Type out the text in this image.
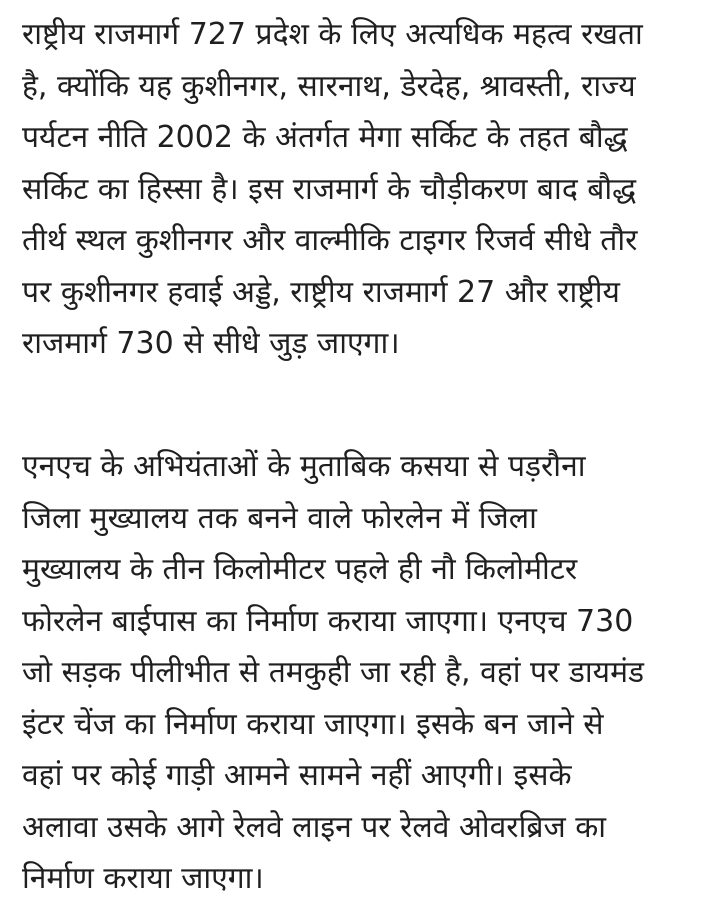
राष्ट्रीय राजमार्ग 727 प्रदेश के लिए अत्यधिक महत्व रखता
है, क्योंकि यह कुशीनगर, सारनाथ, डेरदेह, श्रावस्ती, राज्य
पर्यटन नीति 2002 के अंतर्गत मेगा सर्किट के तहत बौद्ध
सर्किट का हिस्सा है। इस राजमार्ग के चौड़ीकरण बाद बौद्ध
तीर्थ स्थल कुशीनगर और वाल्मीकि टाइगर रिजर्व सीधे तौर
पर कुशीनगर हवाई अड्डे, राष्ट्रीय राजमार्ग 27 और राष्ट्रीय
राजमार्ग 730 से सीधे जुड़ जाएगा।

एनएच के अभियंताओं के मुताबिक कसया से पड़रौना
जिला मुख्यालय तक बनने वाले फोरलेन में जिला
मुख्यालय के तीन किलोमीटर पहले ही नौ किलोमीटर
फोरलेन बाईपास का निर्माण कराया जाएगा। एनएच 730
जो सड़क पीलीभीत से तमकुही जा रही है, वहां पर डायमंड
इंटर चेंज का निर्माण कराया जाएगा। इसके बन जाने से
वहां पर कोई गाड़ी आमने सामने नहीं आएगी। इसके
अलावा उसके आगे रेलवे लाइन पर रेलवे ओवरब्रिज का
निर्माण कराया जाएगा।
